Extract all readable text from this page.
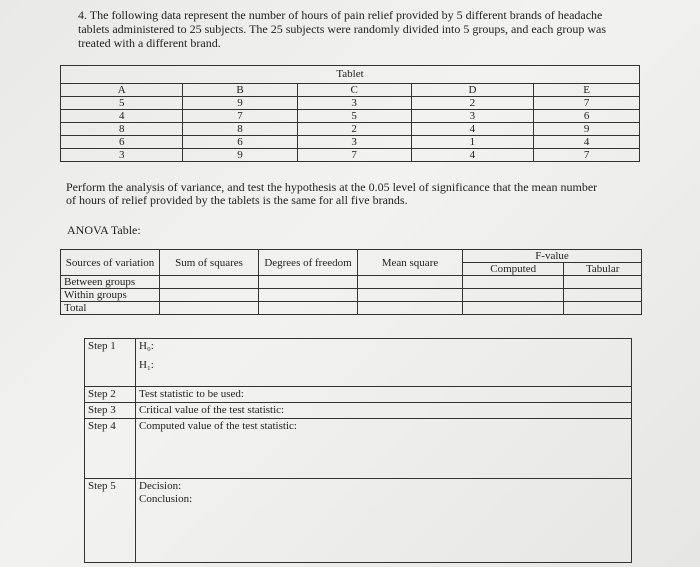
4. The following data represent the number of hours of pain relief provided by 5 different brands of headache
tablets administered to 25 subjects. The 25 subjects were randomly divided into 5 groups, and each group was
treated with a different brand.
Tablet				
A	B	C	D	E
5	9	3	2	7
4	7	5	3	6
8	8	2	4	9
6	6	3	1	4
3	9	7	4	7
Perform the analysis of variance, and test the hypothesis at the 0.05 level of significance that the mean number
of hours of relief provided by the tablets is the same for all five brands.
ANOVA Table:
Sources of variation	Sum of squares	Degrees of freedom	Mean square	F-value	
				Computed	Tabular
Between groups					
Within groups					
Total					
Step 1	H₀:
H₁:

Step 2	Test statistic to be used:
Step 3	Critical value of the test statistic:
Step 4	Computed value of the test statistic:
Step 5	Decision:
Conclusion:
